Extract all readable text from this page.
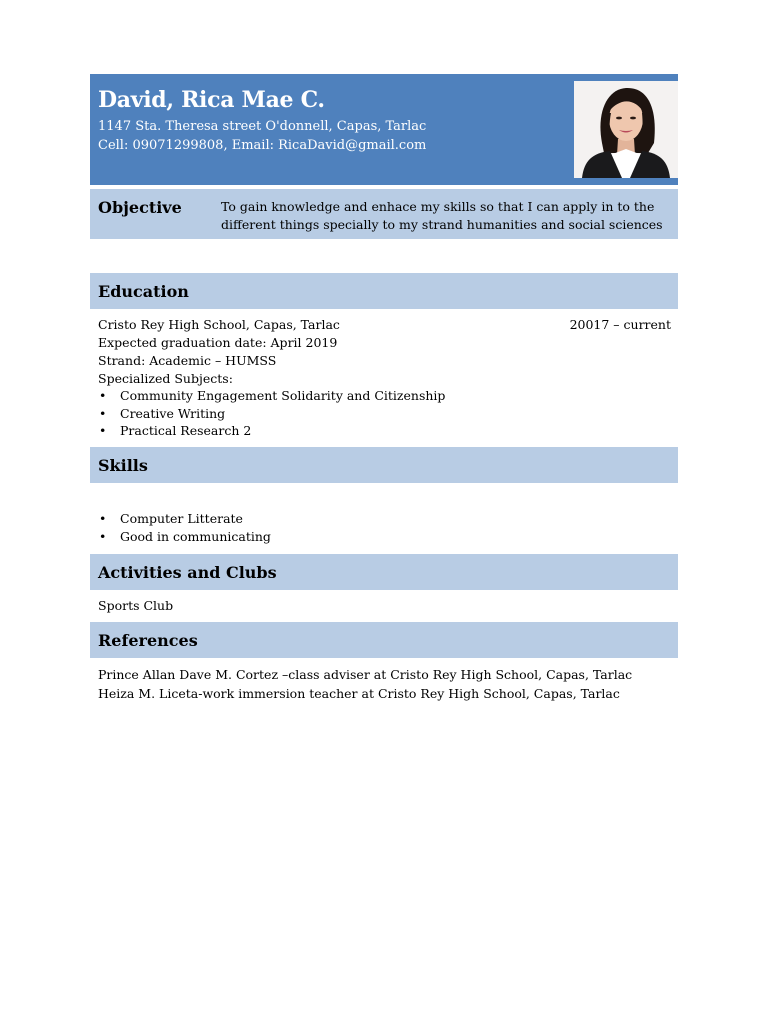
David, Rica Mae C.
1147 Sta. Theresa street O'donnell, Capas, Tarlac
Cell: 09071299808, Email: RicaDavid@gmail.com
Objective	To gain knowledge and enhace my skills so that I can apply in to the different things specially to my strand humanities and social sciences
Education
Cristo Rey High School, Capas, Tarlac	20017 – current
Expected graduation date: April 2019
Strand: Academic – HUMSS
Specialized Subjects:
• Community Engagement Solidarity and Citizenship
• Creative Writing
• Practical Research 2
Skills
• Computer Litterate
• Good in communicating
Activities and Clubs
Sports Club
References
Prince Allan Dave M. Cortez –class adviser at Cristo Rey High School, Capas, Tarlac
Heiza M. Liceta-work immersion teacher at Cristo Rey High School, Capas, Tarlac
